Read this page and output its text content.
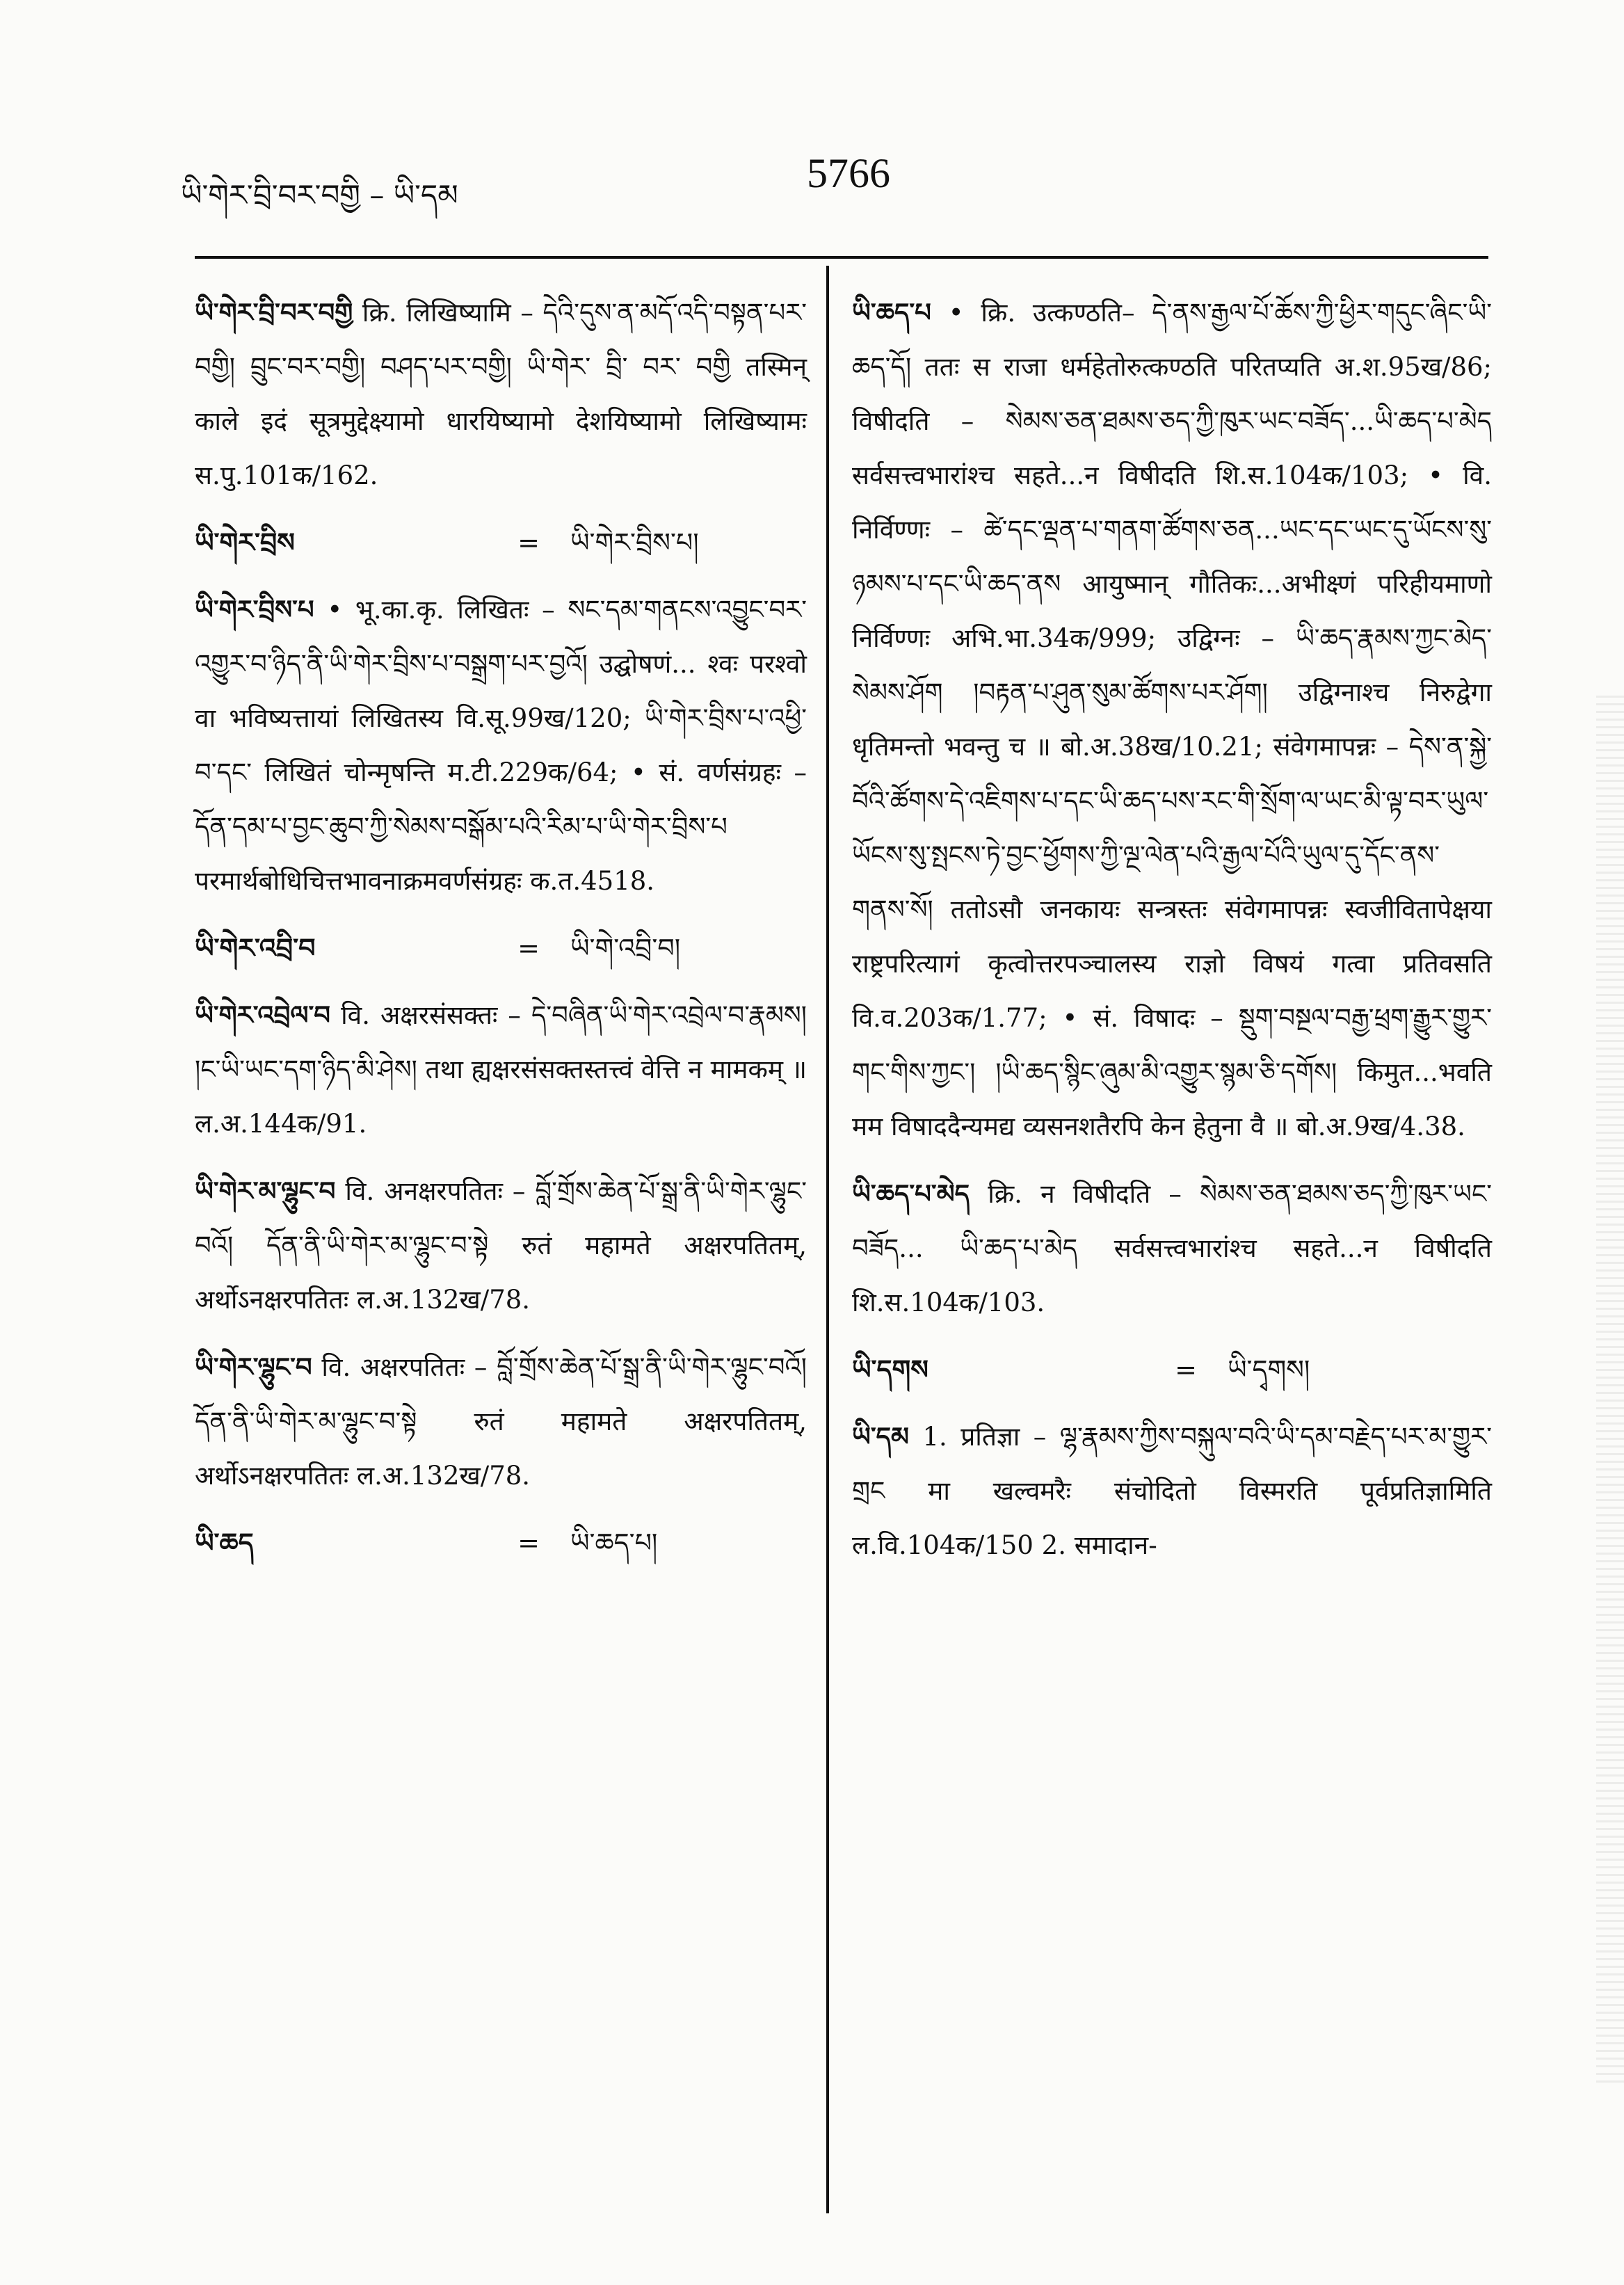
ཡི་གེར་བྲི་བར་བགྱི – ཡི་དམ	5766
ཡི་གེར་བྲི་བར་བགྱི क्रि. लिखिष्यामि – དེའི་དུས་ན་མདོ་འདི་བསྟན་པར་བགྱི། བྲུང་བར་བགྱི། བཤད་པར་བགྱི། ཡི་གེར་ བྲི་ བར་ བགྱི तस्मिन् काले इदं सूत्रमुद्देक्ष्यामो धारयिष्यामो देशयिष्यामो लिखिष्यामः स.पु.101क/162.
ཡི་གེར་བྲིས	=	ཡི་གེར་བྲིས་པ།
ཡི་གེར་བྲིས་པ • भू.का.कृ. लिखितः – སང་དམ་གནངས་འབྱུང་བར་འགྱུར་བ་ཉིད་ནི་ཡི་གེར་བྲིས་པ་བསྒྲག་པར་བྱའོ། उद्घोषणं... श्वः परश्वो वा भविष्यत्तायां लिखितस्य वि.सू.99ख/120; ཡི་གེར་བྲིས་པ་འཕྱི་བ་དང་ लिखितं चोन्मृषन्ति म.टी.229क/64; • सं. वर्णसंग्रहः – དོན་དམ་པ་བྱང་ཆུབ་ཀྱི་སེམས་བསྒོམ་པའི་རིམ་པ་ཡི་གེར་བྲིས་པ परमार्थबोधिचित्तभावनाक्रमवर्णसंग्रहः क.त.4518.
ཡི་གེར་འབྲི་བ	=	ཡི་གེ་འབྲི་བ།
ཡི་གེར་འབྲེལ་བ वि. अक्षरसंसक्तः – དེ་བཞིན་ཡི་གེར་འབྲེལ་བ་རྣམས། །ང་ཡི་ཡང་དག་ཉིད་མི་ཤེས། तथा ह्यक्षरसंसक्तस्तत्त्वं वेत्ति न मामकम् ॥ ल.अ.144क/91.
ཡི་གེར་མ་ལྷུང་བ वि. अनक्षरपतितः – བློ་གྲོས་ཆེན་པོ་སྒྲ་ནི་ཡི་གེར་ལྷུང་བའོ། དོན་ནི་ཡི་གེར་མ་ལྷུང་བ་སྟེ रुतं महामते अक्षरपतितम्, अर्थोऽनक्षरपतितः ल.अ.132ख/78.
ཡི་གེར་ལྷུང་བ वि. अक्षरपतितः – བློ་གྲོས་ཆེན་པོ་སྒྲ་ནི་ཡི་གེར་ལྷུང་བའོ། དོན་ནི་ཡི་གེར་མ་ལྷུང་བ་སྟེ रुतं महामते अक्षरपतितम्, अर्थोऽनक्षरपतितः ल.अ.132ख/78.
ཡི་ཆད	=	ཡི་ཆད་པ།
ཡི་ཆད་པ • क्रि. उत्कण्ठति– དེ་ནས་རྒྱལ་པོ་ཆོས་ཀྱི་ཕྱིར་གདུང་ཞིང་ཡི་ཆད་དོ། ततः स राजा धर्महेतोरुत्कण्ठति परितप्यति अ.श.95ख/86; विषीदति – སེམས་ཅན་ཐམས་ཅད་ཀྱི་ཁུར་ཡང་བཟོད་...ཡི་ཆད་པ་མེད सर्वसत्त्वभारांश्च सहते...न विषीदति शि.स.104क/103; • वि. निर्विण्णः – ཚེ་དང་ལྡན་པ་གནག་ཚོགས་ཅན...ཡང་དང་ཡང་དུ་ཡོངས་སུ་ཉམས་པ་དང་ཡི་ཆད་ནས आयुष्मान् गौतिकः...अभीक्ष्णं परिहीयमाणो निर्विण्णः अभि.भा.34क/999; उद्विग्नः – ཡི་ཆད་རྣམས་ཀྱང་མེད་སེམས་ཤོག །བརྟན་པ་ཤུན་སུམ་ཚོགས་པར་ཤོག། उद्विग्नाश्च निरुद्वेगा धृतिमन्तो भवन्तु च ॥ बो.अ.38ख/10.21; संवेगमापन्नः – དེས་ན་སྐྱེ་བོའི་ཚོགས་དེ་འཇིགས་པ་དང་ཡི་ཆད་པས་རང་གི་སྲོག་ལ་ཡང་མི་ལྟ་བར་ཡུལ་ཡོངས་སུ་སྤངས་ཏེ་བྱང་ཕྱོགས་ཀྱི་ལྔ་ལེན་པའི་རྒྱལ་པོའི་ཡུལ་དུ་དོང་ནས་གནས་སོ། ततोऽसौ जनकायः सन्त्रस्तः संवेगमापन्नः स्वजीवितापेक्षया राष्ट्रपरित्यागं कृत्वोत्तरपञ्चालस्य राज्ञो विषयं गत्वा प्रतिवसति वि.व.203क/1.77; • सं. विषादः – སྡུག་བསྔལ་བརྒྱ་ཕྲག་རྒྱུར་གྱུར་གང་གིས་ཀྱང་། །ཡི་ཆད་སྙིང་ཞུམ་མི་འགྱུར་སྙམ་ཅི་དགོས། किमुत...भवति मम विषाददैन्यमद्य व्यसनशतैरपि केन हेतुना वै ॥ बो.अ.9ख/4.38.
ཡི་ཆད་པ་མེད क्रि. न विषीदति – སེམས་ཅན་ཐམས་ཅད་ཀྱི་ཁུར་ཡང་བཟོད... ཡི་ཆད་པ་མེད सर्वसत्त्वभारांश्च सहते...न विषीदति शि.स.104क/103.
ཡི་དགས	=	ཡི་དྭགས།
ཡི་དམ 1. प्रतिज्ञा – ལྷ་རྣམས་ཀྱིས་བསྐུལ་བའི་ཡི་དམ་བརྗེད་པར་མ་གྱུར་གྲང मा खल्वमरैः संचोदितो विस्मरति पूर्वप्रतिज्ञामिति ल.वि.104क/150 2. समादान-
